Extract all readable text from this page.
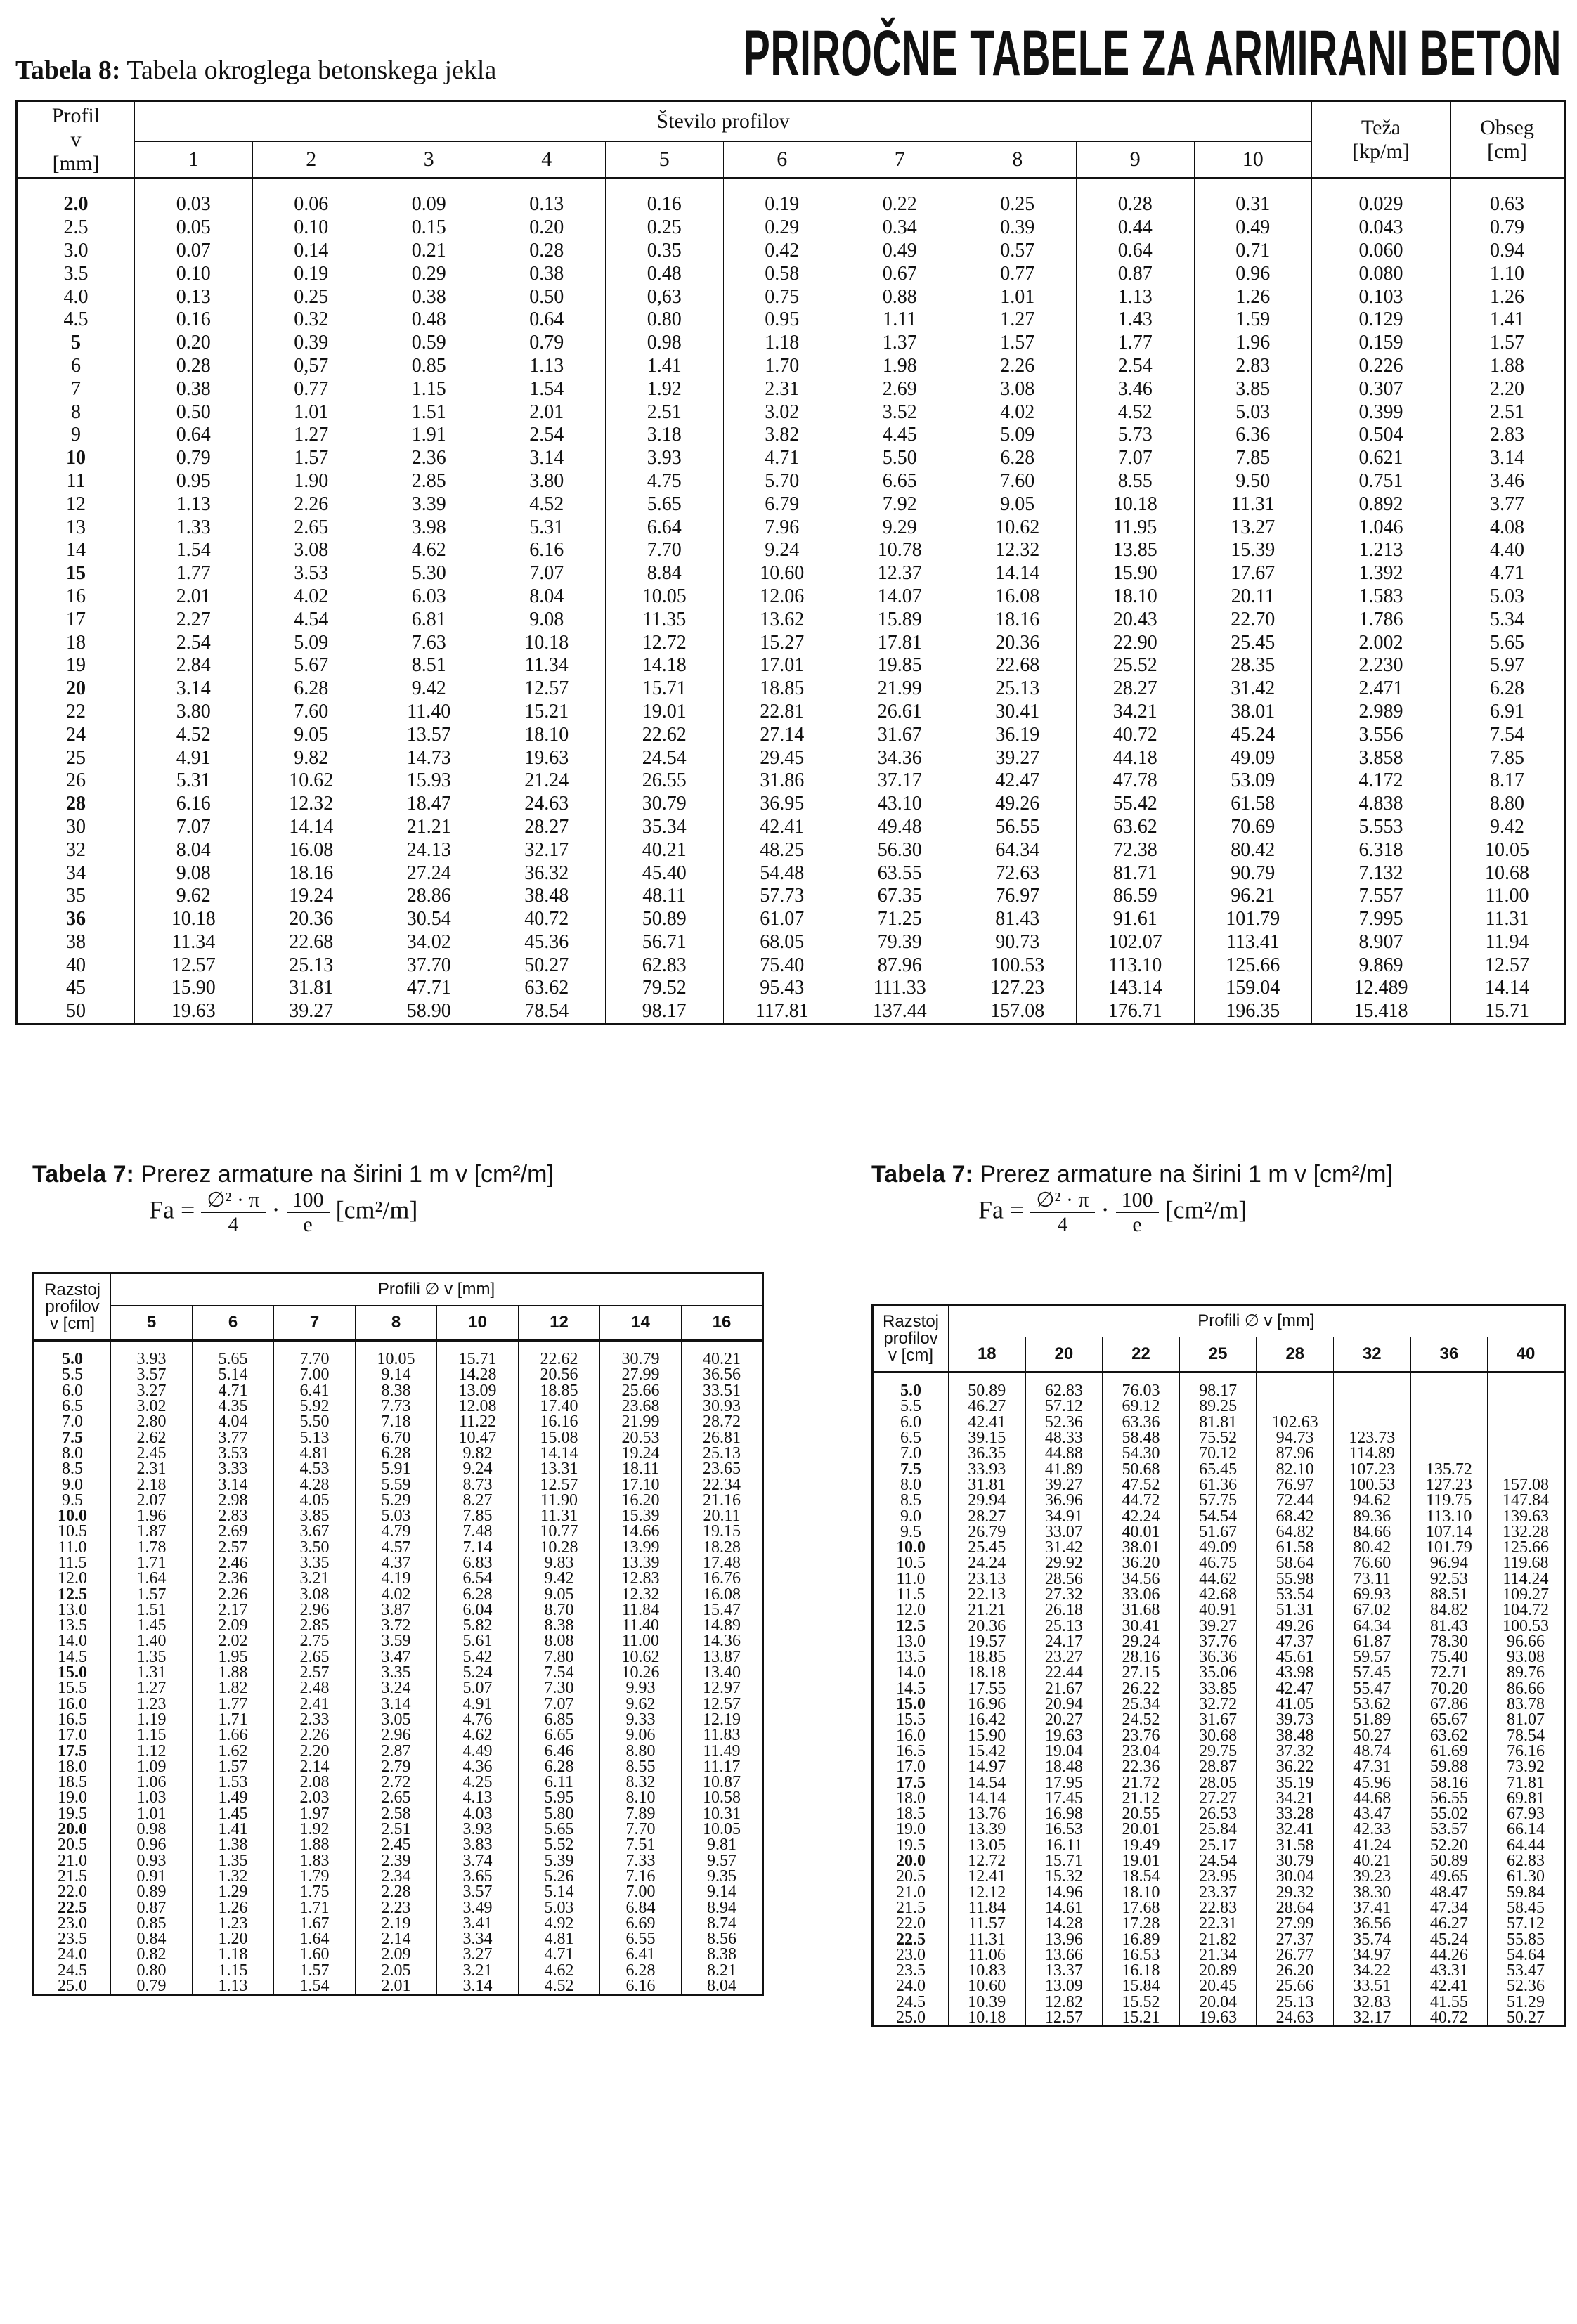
Tabela 8: Tabela okroglega betonskega jekla	PRIROČNE TABELE ZA ARMIRANI BETON
Profil
v
[mm]	Število profilov										Teža
[kp/m]	Obseg
[cm]
	1	2	3	4	5	6	7	8	9	10		
2.0	0.03	0.06	0.09	0.13	0.16	0.19	0.22	0.25	0.28	0.31	0.029	0.63
2.5	0.05	0.10	0.15	0.20	0.25	0.29	0.34	0.39	0.44	0.49	0.043	0.79
3.0	0.07	0.14	0.21	0.28	0.35	0.42	0.49	0.57	0.64	0.71	0.060	0.94
3.5	0.10	0.19	0.29	0.38	0.48	0.58	0.67	0.77	0.87	0.96	0.080	1.10
4.0	0.13	0.25	0.38	0.50	0,63	0.75	0.88	1.01	1.13	1.26	0.103	1.26
4.5	0.16	0.32	0.48	0.64	0.80	0.95	1.11	1.27	1.43	1.59	0.129	1.41
5	0.20	0.39	0.59	0.79	0.98	1.18	1.37	1.57	1.77	1.96	0.159	1.57
6	0.28	0,57	0.85	1.13	1.41	1.70	1.98	2.26	2.54	2.83	0.226	1.88
7	0.38	0.77	1.15	1.54	1.92	2.31	2.69	3.08	3.46	3.85	0.307	2.20
8	0.50	1.01	1.51	2.01	2.51	3.02	3.52	4.02	4.52	5.03	0.399	2.51
9	0.64	1.27	1.91	2.54	3.18	3.82	4.45	5.09	5.73	6.36	0.504	2.83
10	0.79	1.57	2.36	3.14	3.93	4.71	5.50	6.28	7.07	7.85	0.621	3.14
11	0.95	1.90	2.85	3.80	4.75	5.70	6.65	7.60	8.55	9.50	0.751	3.46
12	1.13	2.26	3.39	4.52	5.65	6.79	7.92	9.05	10.18	11.31	0.892	3.77
13	1.33	2.65	3.98	5.31	6.64	7.96	9.29	10.62	11.95	13.27	1.046	4.08
14	1.54	3.08	4.62	6.16	7.70	9.24	10.78	12.32	13.85	15.39	1.213	4.40
15	1.77	3.53	5.30	7.07	8.84	10.60	12.37	14.14	15.90	17.67	1.392	4.71
16	2.01	4.02	6.03	8.04	10.05	12.06	14.07	16.08	18.10	20.11	1.583	5.03
17	2.27	4.54	6.81	9.08	11.35	13.62	15.89	18.16	20.43	22.70	1.786	5.34
18	2.54	5.09	7.63	10.18	12.72	15.27	17.81	20.36	22.90	25.45	2.002	5.65
19	2.84	5.67	8.51	11.34	14.18	17.01	19.85	22.68	25.52	28.35	2.230	5.97
20	3.14	6.28	9.42	12.57	15.71	18.85	21.99	25.13	28.27	31.42	2.471	6.28
22	3.80	7.60	11.40	15.21	19.01	22.81	26.61	30.41	34.21	38.01	2.989	6.91
24	4.52	9.05	13.57	18.10	22.62	27.14	31.67	36.19	40.72	45.24	3.556	7.54
25	4.91	9.82	14.73	19.63	24.54	29.45	34.36	39.27	44.18	49.09	3.858	7.85
26	5.31	10.62	15.93	21.24	26.55	31.86	37.17	42.47	47.78	53.09	4.172	8.17
28	6.16	12.32	18.47	24.63	30.79	36.95	43.10	49.26	55.42	61.58	4.838	8.80
30	7.07	14.14	21.21	28.27	35.34	42.41	49.48	56.55	63.62	70.69	5.553	9.42
32	8.04	16.08	24.13	32.17	40.21	48.25	56.30	64.34	72.38	80.42	6.318	10.05
34	9.08	18.16	27.24	36.32	45.40	54.48	63.55	72.63	81.71	90.79	7.132	10.68
35	9.62	19.24	28.86	38.48	48.11	57.73	67.35	76.97	86.59	96.21	7.557	11.00
36	10.18	20.36	30.54	40.72	50.89	61.07	71.25	81.43	91.61	101.79	7.995	11.31
38	11.34	22.68	34.02	45.36	56.71	68.05	79.39	90.73	102.07	113.41	8.907	11.94
40	12.57	25.13	37.70	50.27	62.83	75.40	87.96	100.53	113.10	125.66	9.869	12.57
45	15.90	31.81	47.71	63.62	79.52	95.43	111.33	127.23	143.14	159.04	12.489	14.14
50	19.63	39.27	58.90	78.54	98.17	117.81	137.44	157.08	176.71	196.35	15.418	15.71
Tabela 7: Prerez armature na širini 1 m v [cm²/m]
$Fa = \frac{\text{∅² · π}}{4} \cdot \frac{100}{e} [cm^2/m]$
Tabela 7: Prerez armature na širini 1 m v [cm²/m]
$Fa = \frac{\text{∅² · π}}{4} \cdot \frac{100}{e} [cm^2/m]$
Razstoj
profilov
v [cm]	Profili ∅ v [mm]							
	5	6	7	8	10	12	14	16
5.0	3.93	5.65	7.70	10.05	15.71	22.62	30.79	40.21
5.5	3.57	5.14	7.00	9.14	14.28	20.56	27.99	36.56
6.0	3.27	4.71	6.41	8.38	13.09	18.85	25.66	33.51
6.5	3.02	4.35	5.92	7.73	12.08	17.40	23.68	30.93
7.0	2.80	4.04	5.50	7.18	11.22	16.16	21.99	28.72
7.5	2.62	3.77	5.13	6.70	10.47	15.08	20.53	26.81
8.0	2.45	3.53	4.81	6.28	9.82	14.14	19.24	25.13
8.5	2.31	3.33	4.53	5.91	9.24	13.31	18.11	23.65
9.0	2.18	3.14	4.28	5.59	8.73	12.57	17.10	22.34
9.5	2.07	2.98	4.05	5.29	8.27	11.90	16.20	21.16
10.0	1.96	2.83	3.85	5.03	7.85	11.31	15.39	20.11
10.5	1.87	2.69	3.67	4.79	7.48	10.77	14.66	19.15
11.0	1.78	2.57	3.50	4.57	7.14	10.28	13.99	18.28
11.5	1.71	2.46	3.35	4.37	6.83	9.83	13.39	17.48
12.0	1.64	2.36	3.21	4.19	6.54	9.42	12.83	16.76
12.5	1.57	2.26	3.08	4.02	6.28	9.05	12.32	16.08
13.0	1.51	2.17	2.96	3.87	6.04	8.70	11.84	15.47
13.5	1.45	2.09	2.85	3.72	5.82	8.38	11.40	14.89
14.0	1.40	2.02	2.75	3.59	5.61	8.08	11.00	14.36
14.5	1.35	1.95	2.65	3.47	5.42	7.80	10.62	13.87
15.0	1.31	1.88	2.57	3.35	5.24	7.54	10.26	13.40
15.5	1.27	1.82	2.48	3.24	5.07	7.30	9.93	12.97
16.0	1.23	1.77	2.41	3.14	4.91	7.07	9.62	12.57
16.5	1.19	1.71	2.33	3.05	4.76	6.85	9.33	12.19
17.0	1.15	1.66	2.26	2.96	4.62	6.65	9.06	11.83
17.5	1.12	1.62	2.20	2.87	4.49	6.46	8.80	11.49
18.0	1.09	1.57	2.14	2.79	4.36	6.28	8.55	11.17
18.5	1.06	1.53	2.08	2.72	4.25	6.11	8.32	10.87
19.0	1.03	1.49	2.03	2.65	4.13	5.95	8.10	10.58
19.5	1.01	1.45	1.97	2.58	4.03	5.80	7.89	10.31
20.0	0.98	1.41	1.92	2.51	3.93	5.65	7.70	10.05
20.5	0.96	1.38	1.88	2.45	3.83	5.52	7.51	9.81
21.0	0.93	1.35	1.83	2.39	3.74	5.39	7.33	9.57
21.5	0.91	1.32	1.79	2.34	3.65	5.26	7.16	9.35
22.0	0.89	1.29	1.75	2.28	3.57	5.14	7.00	9.14
22.5	0.87	1.26	1.71	2.23	3.49	5.03	6.84	8.94
23.0	0.85	1.23	1.67	2.19	3.41	4.92	6.69	8.74
23.5	0.84	1.20	1.64	2.14	3.34	4.81	6.55	8.56
24.0	0.82	1.18	1.60	2.09	3.27	4.71	6.41	8.38
24.5	0.80	1.15	1.57	2.05	3.21	4.62	6.28	8.21
25.0	0.79	1.13	1.54	2.01	3.14	4.52	6.16	8.04
Razstoj
profilov
v [cm]	Profili ∅ v [mm]							
	18	20	22	25	28	32	36	40
5.0	50.89	62.83	76.03	98.17				
5.5	46.27	57.12	69.12	89.25				
6.0	42.41	52.36	63.36	81.81	102.63			
6.5	39.15	48.33	58.48	75.52	94.73	123.73		
7.0	36.35	44.88	54.30	70.12	87.96	114.89		
7.5	33.93	41.89	50.68	65.45	82.10	107.23	135.72	
8.0	31.81	39.27	47.52	61.36	76.97	100.53	127.23	157.08
8.5	29.94	36.96	44.72	57.75	72.44	94.62	119.75	147.84
9.0	28.27	34.91	42.24	54.54	68.42	89.36	113.10	139.63
9.5	26.79	33.07	40.01	51.67	64.82	84.66	107.14	132.28
10.0	25.45	31.42	38.01	49.09	61.58	80.42	101.79	125.66
10.5	24.24	29.92	36.20	46.75	58.64	76.60	96.94	119.68
11.0	23.13	28.56	34.56	44.62	55.98	73.11	92.53	114.24
11.5	22.13	27.32	33.06	42.68	53.54	69.93	88.51	109.27
12.0	21.21	26.18	31.68	40.91	51.31	67.02	84.82	104.72
12.5	20.36	25.13	30.41	39.27	49.26	64.34	81.43	100.53
13.0	19.57	24.17	29.24	37.76	47.37	61.87	78.30	96.66
13.5	18.85	23.27	28.16	36.36	45.61	59.57	75.40	93.08
14.0	18.18	22.44	27.15	35.06	43.98	57.45	72.71	89.76
14.5	17.55	21.67	26.22	33.85	42.47	55.47	70.20	86.66
15.0	16.96	20.94	25.34	32.72	41.05	53.62	67.86	83.78
15.5	16.42	20.27	24.52	31.67	39.73	51.89	65.67	81.07
16.0	15.90	19.63	23.76	30.68	38.48	50.27	63.62	78.54
16.5	15.42	19.04	23.04	29.75	37.32	48.74	61.69	76.16
17.0	14.97	18.48	22.36	28.87	36.22	47.31	59.88	73.92
17.5	14.54	17.95	21.72	28.05	35.19	45.96	58.16	71.81
18.0	14.14	17.45	21.12	27.27	34.21	44.68	56.55	69.81
18.5	13.76	16.98	20.55	26.53	33.28	43.47	55.02	67.93
19.0	13.39	16.53	20.01	25.84	32.41	42.33	53.57	66.14
19.5	13.05	16.11	19.49	25.17	31.58	41.24	52.20	64.44
20.0	12.72	15.71	19.01	24.54	30.79	40.21	50.89	62.83
20.5	12.41	15.32	18.54	23.95	30.04	39.23	49.65	61.30
21.0	12.12	14.96	18.10	23.37	29.32	38.30	48.47	59.84
21.5	11.84	14.61	17.68	22.83	28.64	37.41	47.34	58.45
22.0	11.57	14.28	17.28	22.31	27.99	36.56	46.27	57.12
22.5	11.31	13.96	16.89	21.82	27.37	35.74	45.24	55.85
23.0	11.06	13.66	16.53	21.34	26.77	34.97	44.26	54.64
23.5	10.83	13.37	16.18	20.89	26.20	34.22	43.31	53.47
24.0	10.60	13.09	15.84	20.45	25.66	33.51	42.41	52.36
24.5	10.39	12.82	15.52	20.04	25.13	32.83	41.55	51.29
25.0	10.18	12.57	15.21	19.63	24.63	32.17	40.72	50.27
